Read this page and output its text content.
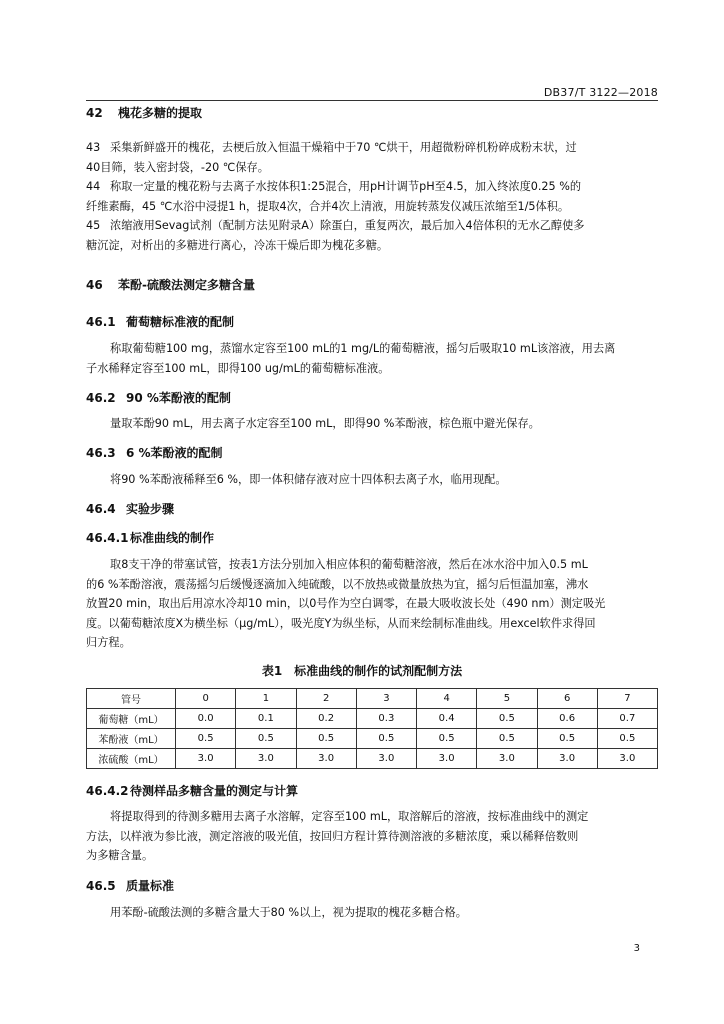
DB37/T 3122—2018
42 槐花多糖的提取
43 采集新鲜盛开的槐花，去梗后放入恒温干燥箱中于70 ℃烘干，用超微粉碎机粉碎成粉末状，过
40目筛，装入密封袋，-20 ℃保存。
44 称取一定量的槐花粉与去离子水按体积1:25混合，用pH计调节pH至4.5，加入终浓度0.25 %的
纤维素酶，45 ℃水浴中浸提1 h，提取4次，合并4次上清液，用旋转蒸发仪减压浓缩至1/5体积。
45 浓缩液用Sevag试剂（配制方法见附录A）除蛋白，重复两次，最后加入4倍体积的无水乙醇使多
糖沉淀，对析出的多糖进行离心，冷冻干燥后即为槐花多糖。
46 苯酚-硫酸法测定多糖含量
46.1 葡萄糖标准液的配制
称取葡萄糖100 mg，蒸馏水定容至100 mL的1 mg/L的葡萄糖液，摇匀后吸取10 mL该溶液，用去离
子水稀释定容至100 mL，即得100 ug/mL的葡萄糖标准液。
46.2 90 %苯酚液的配制
量取苯酚90 mL，用去离子水定容至100 mL，即得90 %苯酚液，棕色瓶中避光保存。
46.3 6 %苯酚液的配制
将90 %苯酚液稀释至6 %，即一体积储存液对应十四体积去离子水，临用现配。
46.4 实验步骤
46.4.1标准曲线的制作
取8支干净的带塞试管，按表1方法分别加入相应体积的葡萄糖溶液，然后在冰水浴中加入0.5 mL
的6 %苯酚溶液，震荡摇匀后缓慢逐滴加入纯硫酸，以不放热或微量放热为宜，摇匀后恒温加塞，沸水
放置20 min，取出后用凉水冷却10 min，以0号作为空白调零，在最大吸收波长处（490 nm）测定吸光
度。以葡萄糖浓度X为横坐标（μg/mL），吸光度Y为纵坐标，从而来绘制标准曲线。用excel软件求得回
归方程。
表1　标准曲线的制作的试剂配制方法
管号	0	1	2	3	4	5	6	7
葡萄糖（mL）	0.0	0.1	0.2	0.3	0.4	0.5	0.6	0.7
苯酚液（mL）	0.5	0.5	0.5	0.5	0.5	0.5	0.5	0.5
浓硫酸（mL）	3.0	3.0	3.0	3.0	3.0	3.0	3.0	3.0
46.4.2待测样品多糖含量的测定与计算
将提取得到的待测多糖用去离子水溶解，定容至100 mL，取溶解后的溶液，按标准曲线中的测定
方法，以样液为参比液，测定溶液的吸光值，按回归方程计算待测溶液的多糖浓度，乘以稀释倍数则
为多糖含量。
46.5 质量标准
用苯酚-硫酸法测的多糖含量大于80 %以上，视为提取的槐花多糖合格。
3
